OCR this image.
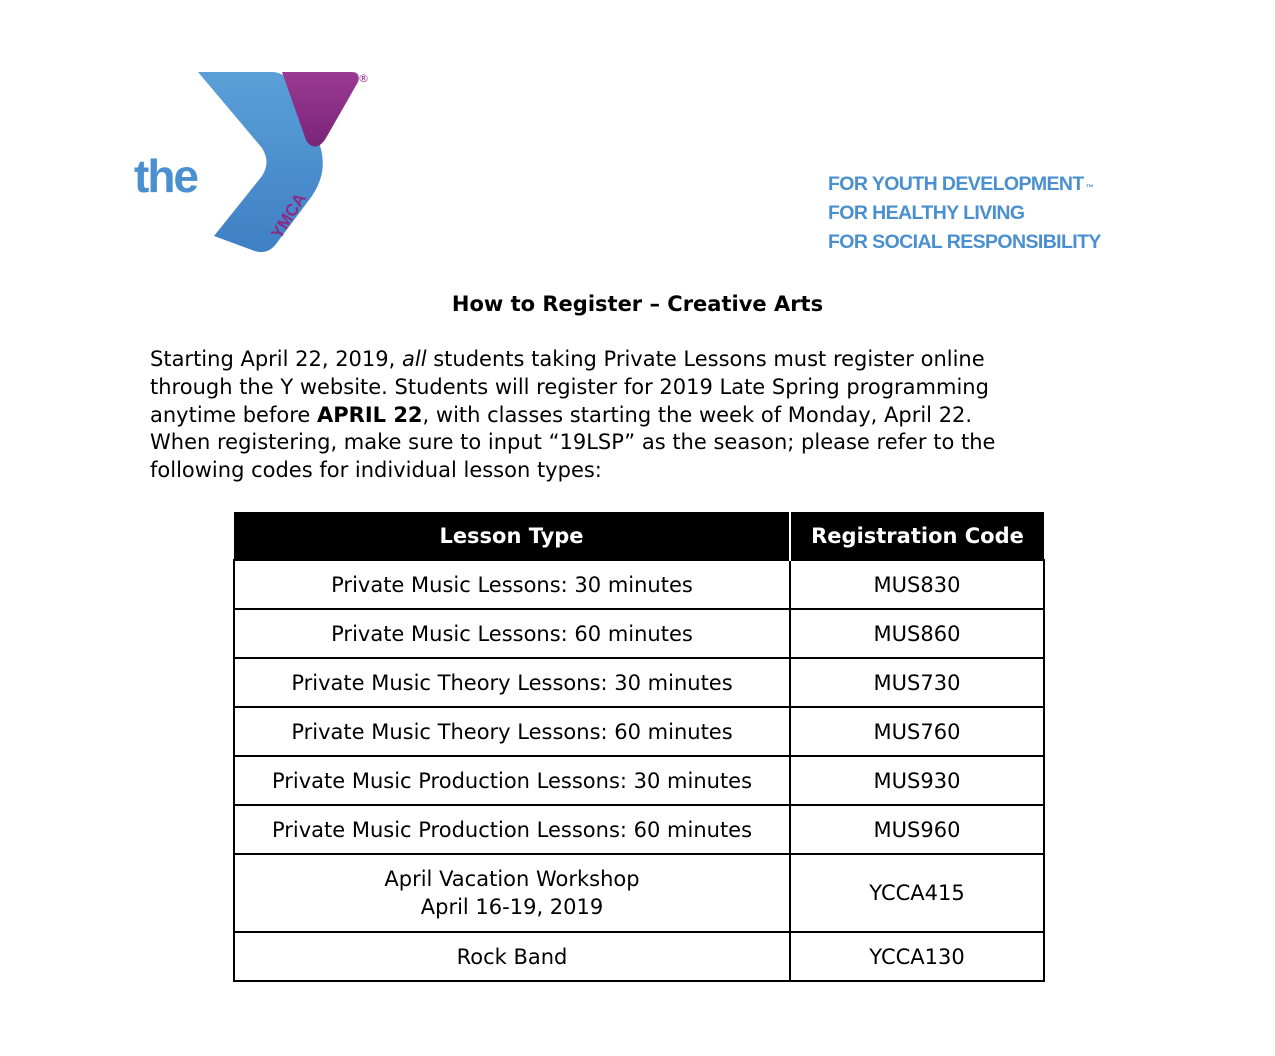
the
YMCA
®
FOR YOUTH DEVELOPMENT ™
FOR HEALTHY LIVING
FOR SOCIAL RESPONSIBILITY
How to Register – Creative Arts
Starting April 22, 2019, all students taking Private Lessons must register online
through the Y website. Students will register for 2019 Late Spring programming
anytime before APRIL 22, with classes starting the week of Monday, April 22.
When registering, make sure to input “19LSP” as the season; please refer to the
following codes for individual lesson types:
Lesson Type	Registration Code
Private Music Lessons: 30 minutes	MUS830
Private Music Lessons: 60 minutes	MUS860
Private Music Theory Lessons: 30 minutes	MUS730
Private Music Theory Lessons: 60 minutes	MUS760
Private Music Production Lessons: 30 minutes	MUS930
Private Music Production Lessons: 60 minutes	MUS960

April Vacation Workshop
April 16-19, 2019	YCCA415
Rock Band	YCCA130
